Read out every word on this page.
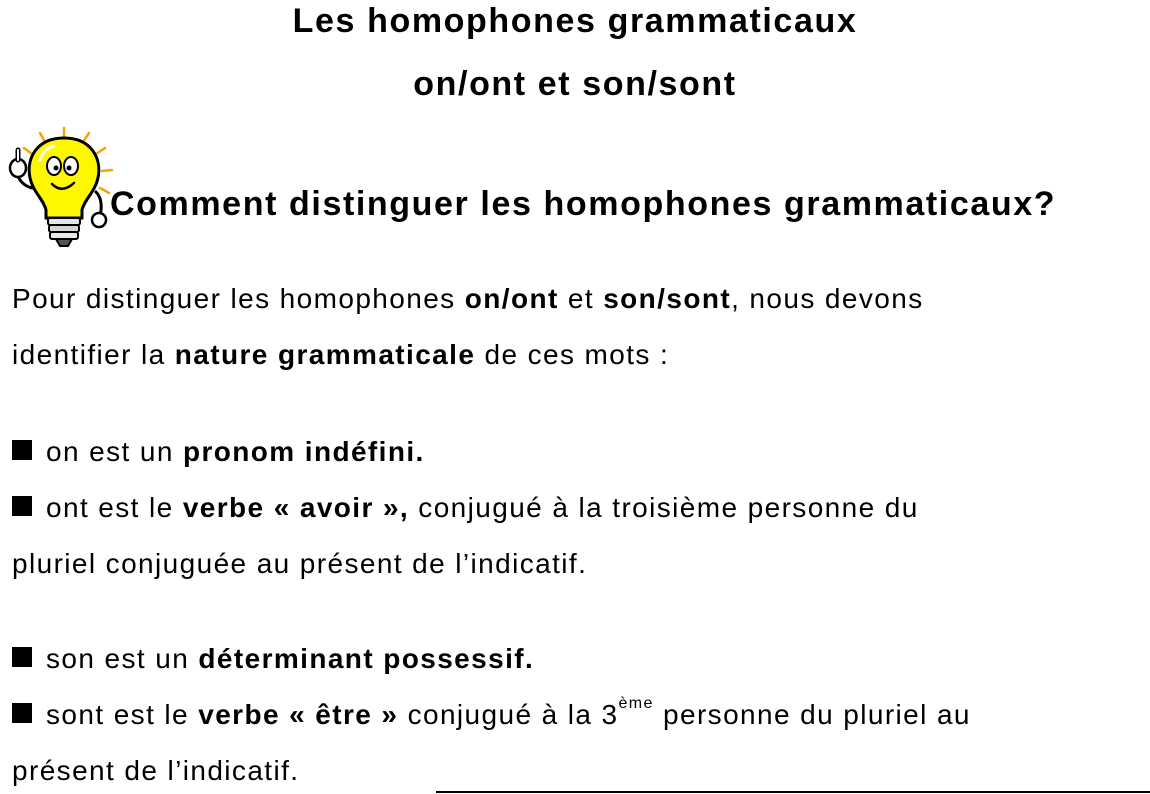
Les homophones grammaticaux
on/ont et son/sont
Comment distinguer les homophones grammaticaux?
Pour distinguer les homophones on/ont et son/sont, nous devons
identifier la nature grammaticale de ces mots :
on est un pronom indéfini.
ont est le verbe « avoir », conjugué à la troisième personne du
pluriel conjuguée au présent de l’indicatif.
son est un déterminant possessif.
sont est le verbe « être » conjugué à la 3ème personne du pluriel au
présent de l’indicatif.
